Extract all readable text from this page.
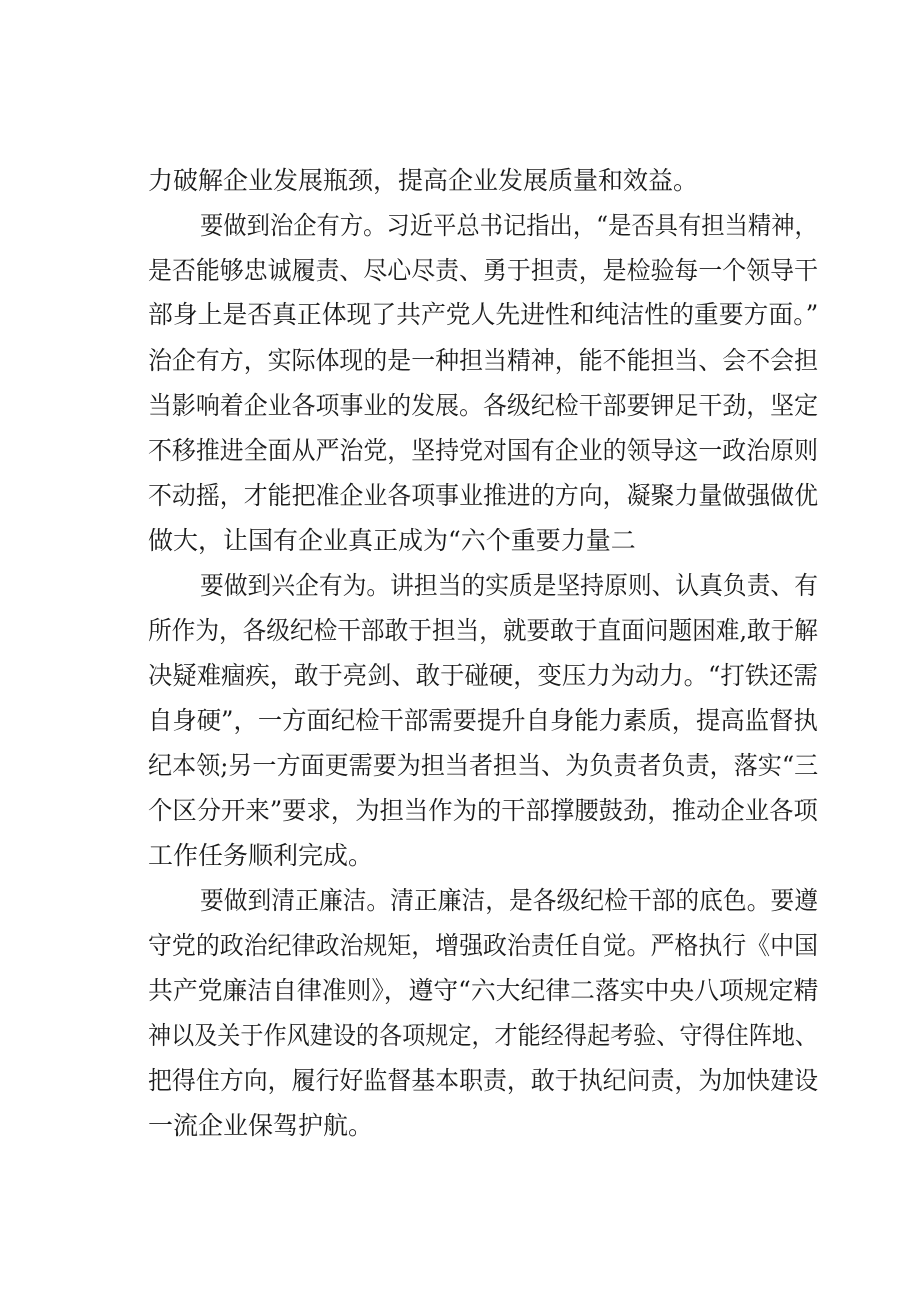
力破解企业发展瓶颈，提高企业发展质量和效益。
要做到治企有方。习近平总书记指出，“是否具有担当精神，
是否能够忠诚履责、尽心尽责、勇于担责，是检验每一个领导干
部身上是否真正体现了共产党人先进性和纯洁性的重要方面。”
治企有方，实际体现的是一种担当精神，能不能担当、会不会担
当影响着企业各项事业的发展。各级纪检干部要钾足干劲，坚定
不移推进全面从严治党，坚持党对国有企业的领导这一政治原则
不动摇，才能把准企业各项事业推进的方向，凝聚力量做强做优
做大，让国有企业真正成为“六个重要力量二
要做到兴企有为。讲担当的实质是坚持原则、认真负责、有
所作为，各级纪检干部敢于担当，就要敢于直面问题困难,敢于解
决疑难痼疾，敢于亮剑、敢于碰硬，变压力为动力。“打铁还需
自身硬”，一方面纪检干部需要提升自身能力素质，提高监督执
纪本领;另一方面更需要为担当者担当、为负责者负责，落实“三
个区分开来”要求，为担当作为的干部撑腰鼓劲，推动企业各项
工作任务顺利完成。
要做到清正廉洁。清正廉洁，是各级纪检干部的底色。要遵
守党的政治纪律政治规矩，增强政治责任自觉。严格执行《中国
共产党廉洁自律准则》，遵守“六大纪律二落实中央八项规定精
神以及关于作风建设的各项规定，才能经得起考验、守得住阵地、
把得住方向，履行好监督基本职责，敢于执纪问责，为加快建设
一流企业保驾护航。
